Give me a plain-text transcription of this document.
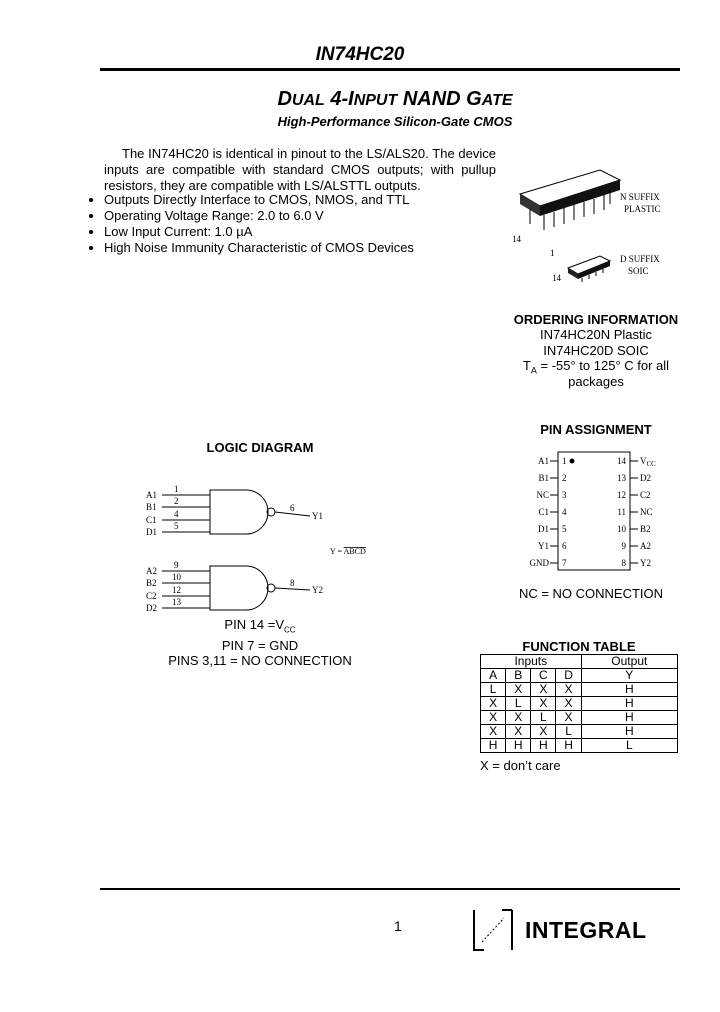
IN74HC20
DUAL 4-INPUT NAND GATE
High-Performance Silicon-Gate CMOS
The IN74HC20 is identical in pinout to the LS/ALS20. The device inputs are compatible with standard CMOS outputs; with pullup resistors, they are compatible with LS/ALSTTL outputs.
• Outputs Directly Interface to CMOS, NMOS, and TTL
• Operating Voltage Range: 2.0 to 6.0 V
• Low Input Current: 1.0 µA
• High Noise Immunity Characteristic of CMOS Devices
14
1
N SUFFIX
PLASTIC
14
D SUFFIX
SOIC
ORDERING INFORMATION
IN74HC20N Plastic
IN74HC20D SOIC
$T_A = -55^\circ$ to 125° C for all
packages
PIN ASSIGNMENT
A1
B1
NC
C1
D1
Y1
GND
1
2
3
4
5
6
7
14
13
12
11
10
9
8
$V_{CC}$
D2
C2
NC
B2
A2
Y2
NC = NO CONNECTION
LOGIC DIAGRAM
A1
B1
C1
D1
1
2
4
5
6
Y1
Y = ABCD
A2
B2
C2
D2
9
10
12
13
8
Y2
PIN $14 =V_{CC}$
PIN 7 = GND
PINS 3,11 = NO CONNECTION
FUNCTION TABLE
Inputs				Output
A	B	C	D	Y
L	X	X	X	H
X	L	X	X	H
X	X	L	X	H
X	X	X	L	H
H	H	H	H	L
X = don’t care
1	INTEGRAL
